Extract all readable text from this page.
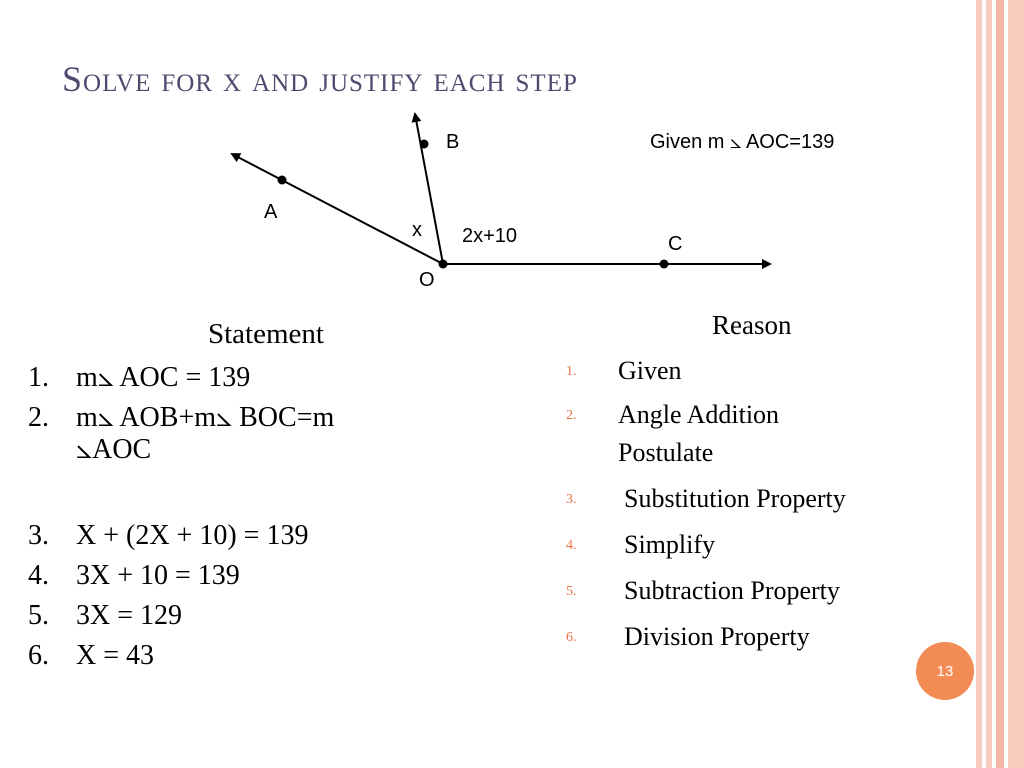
Solve for x and justify each step
A
B
C
O
x 2x+10
Given m ⦣ AOC=139
Statement
1. m⦣ AOC = 139
2. m⦣ AOB+m⦣ BOC=m
⦣AOC
3. X + (2X + 10) = 139
4. 3X + 10 = 139
5. 3X = 129
6. X = 43
Reason
1.	Given
2.	Angle Addition
Postulate
3.	Substitution Property
4.	Simplify
5.	Subtraction Property
6.	Division Property
13
